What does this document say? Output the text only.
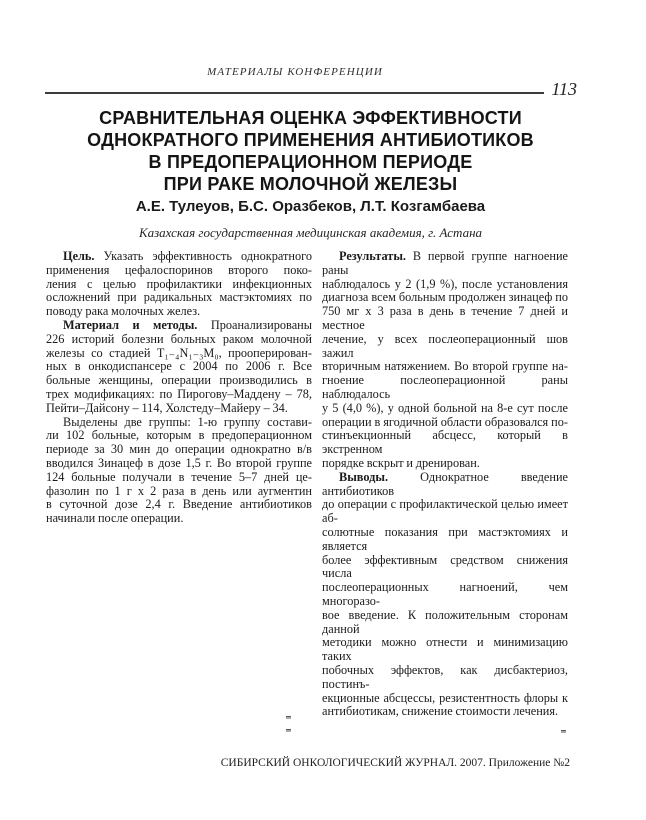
МАТЕРИАЛЫ КОНФЕРЕНЦИИ
113
СРАВНИТЕЛЬНАЯ ОЦЕНКА ЭФФЕКТИВНОСТИ
ОДНОКРАТНОГО ПРИМЕНЕНИЯ АНТИБИОТИКОВ
В ПРЕДОПЕРАЦИОННОМ ПЕРИОДЕ
ПРИ РАКЕ МОЛОЧНОЙ ЖЕЛЕЗЫ
А.Е. Тулеуов, Б.С. Оразбеков, Л.Т. Козгамбаева
Казахская государственная медицинская академия, г. Астана
Цель. Указать эффективность однократного
применения цефалоспоринов второго поко-
ления с целью профилактики инфекционных
осложнений при радикальных мастэктомиях по
поводу рака молочных желез.
Материал и методы. Проанализированы
226 историй болезни больных раком молочной
железы со стадией T₁₋₄N₁₋₃M₀, прооперирован-
ных в онкодиспансере с 2004 по 2006 г. Все
больные женщины, операции производились в
трех модификациях: по Пирогову–Маддену – 78,
Пейти–Дайсону – 114, Холстеду–Майеру – 34.
Выделены две группы: 1-ю группу состави-
ли 102 больные, которым в предоперационном
периоде за 30 мин до операции однократно в/в
вводился Зинацеф в дозе 1,5 г. Во второй группе
124 больные получали в течение 5–7 дней це-
фазолин по 1 г х 2 раза в день или аугментин
в суточной дозе 2,4 г. Введение антибиотиков
начинали после операции.
Результаты. В первой группе нагноение раны
наблюдалось у 2 (1,9 %), после установления
диагноза всем больным продолжен зинацеф по
750 мг х 3 раза в день в течение 7 дней и местное
лечение, у всех послеоперационный шов зажил
вторичным натяжением. Во второй группе на-
гноение послеоперационной раны наблюдалось
у 5 (4,0 %), у одной больной на 8-е сут после
операции в ягодичной области образовался по-
стинъекционный абсцесс, который в экстренном
порядке вскрыт и дренирован.
Выводы. Однократное введение антибиотиков
до операции с профилактической целью имеет аб-
солютные показания при мастэктомиях и является
более эффективным средством снижения числа
послеоперационных нагноений, чем многоразо-
вое введение. К положительным сторонам данной
методики можно отнести и минимизацию таких
побочных эффектов, как дисбактериоз, постинъ-
екционные абсцессы, резистентность флоры к
антибиотикам, снижение стоимости лечения.
СИБИРСКИЙ ОНКОЛОГИЧЕСКИЙ ЖУРНАЛ. 2007. Приложение №2
